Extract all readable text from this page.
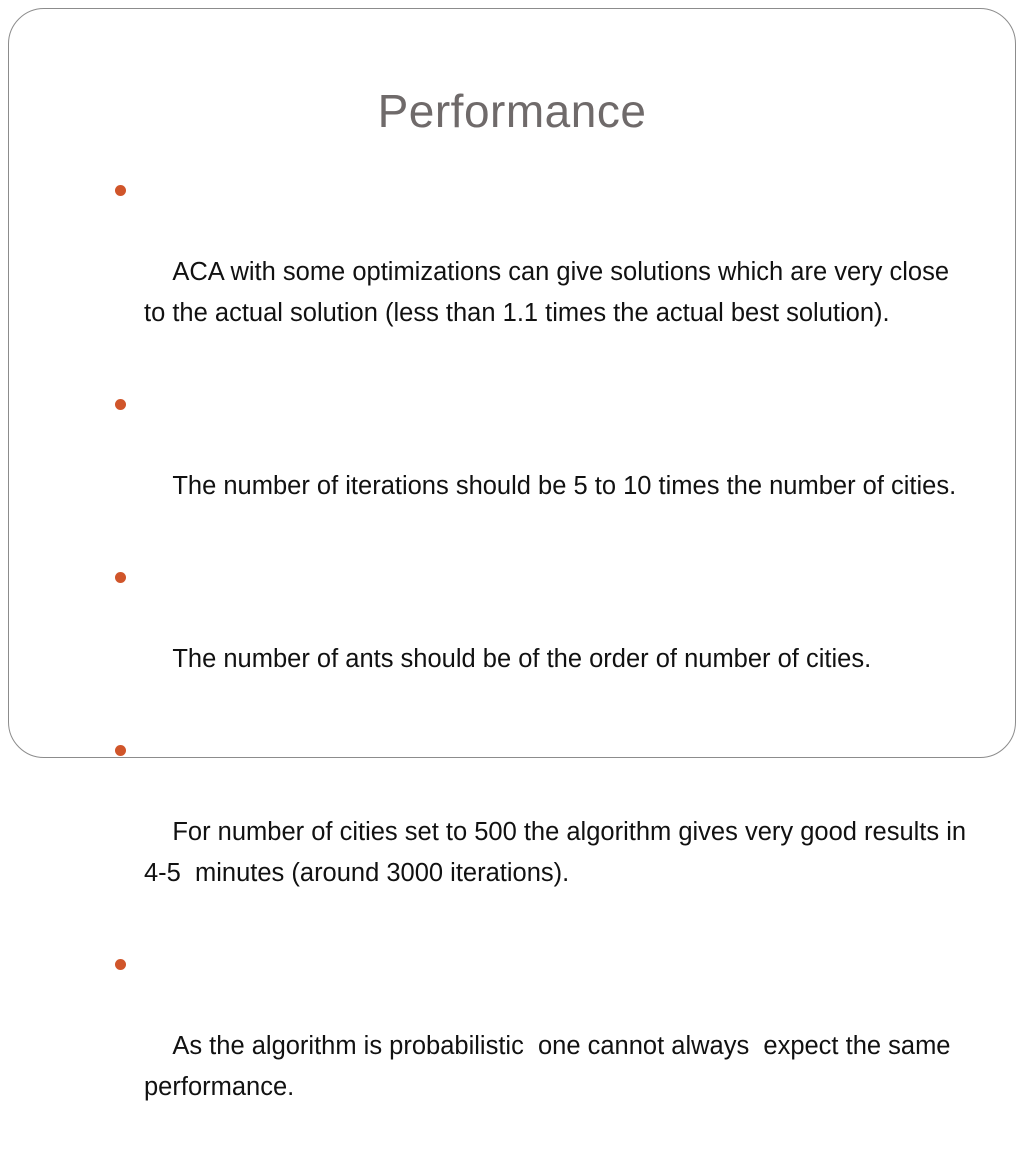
Performance

ACA with some optimizations can give solutions which are very close to the actual solution (less than 1.1 times the actual best solution).

The number of iterations should be 5 to 10 times the number of cities.

The number of ants should be of the order of number of cities.

For number of cities set to 500 the algorithm gives very good results in 4-5  minutes (around 3000 iterations).

As the algorithm is probabilistic  one cannot always  expect the same performance.
